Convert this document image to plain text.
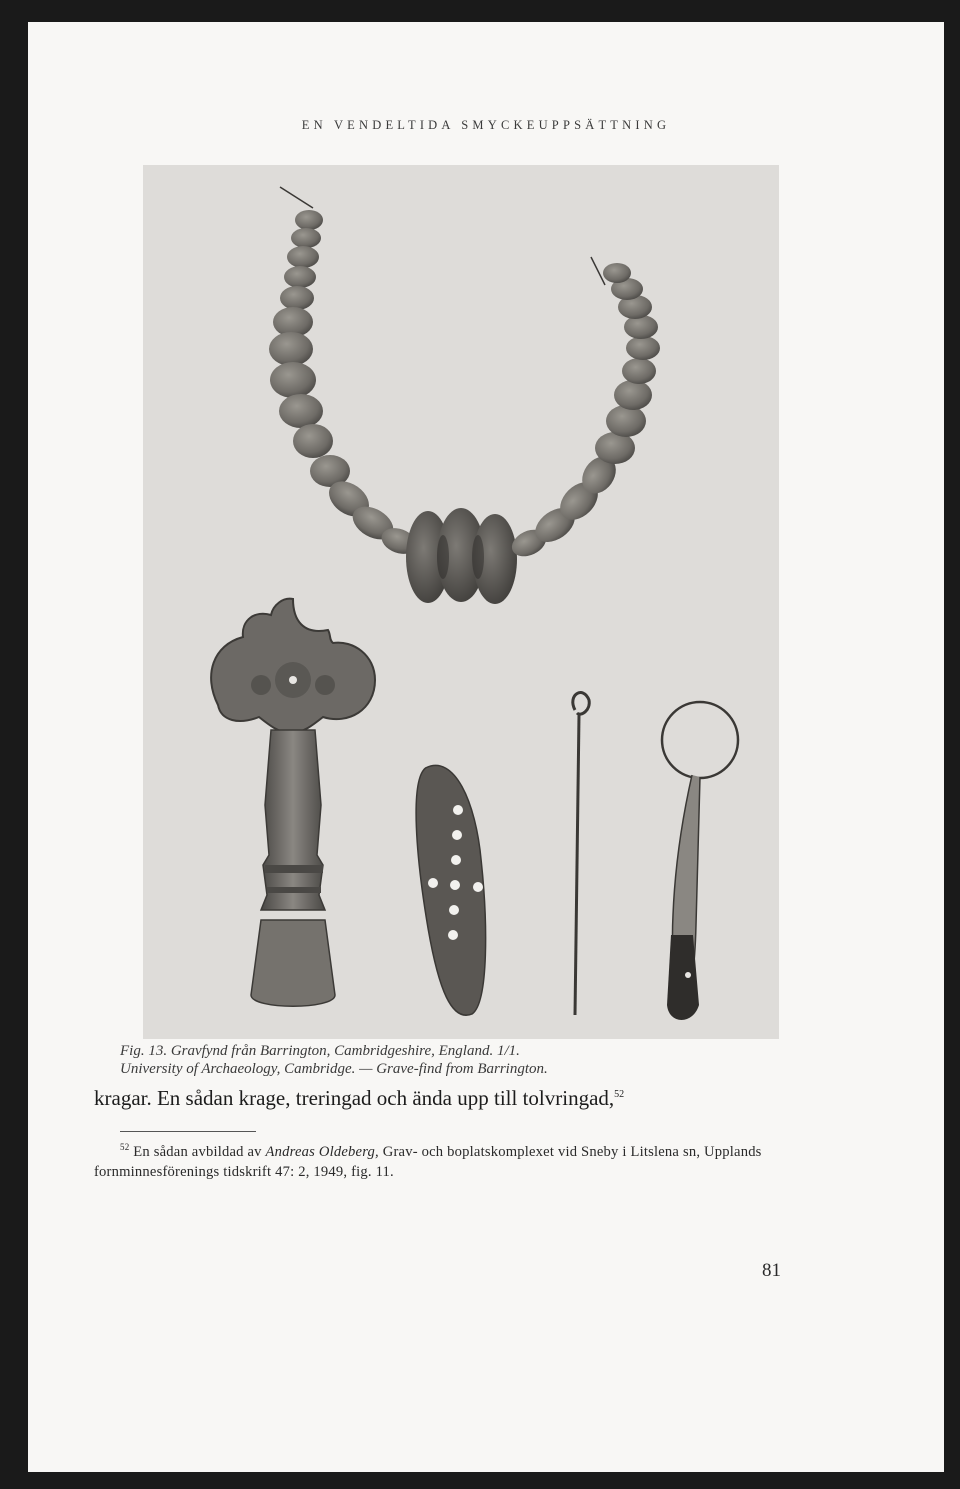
EN VENDELTIDA SMYCKEUPPSÄTTNING
Fig. 13. Gravfynd från Barrington, Cambridgeshire, England. 1/1.
University of Archaeology, Cambridge. — Grave-find from Barrington.
kragar. En sådan krage, treringad och ända upp till tolvringad,$^{52}$
$^{52}$ En sådan avbildad av Andreas Oldeberg, Grav- och boplatskomplexet vid Sneby i Litslena sn, Upplands fornminnesförenings tidskrift 47: 2, 1949, fig. 11.
81
